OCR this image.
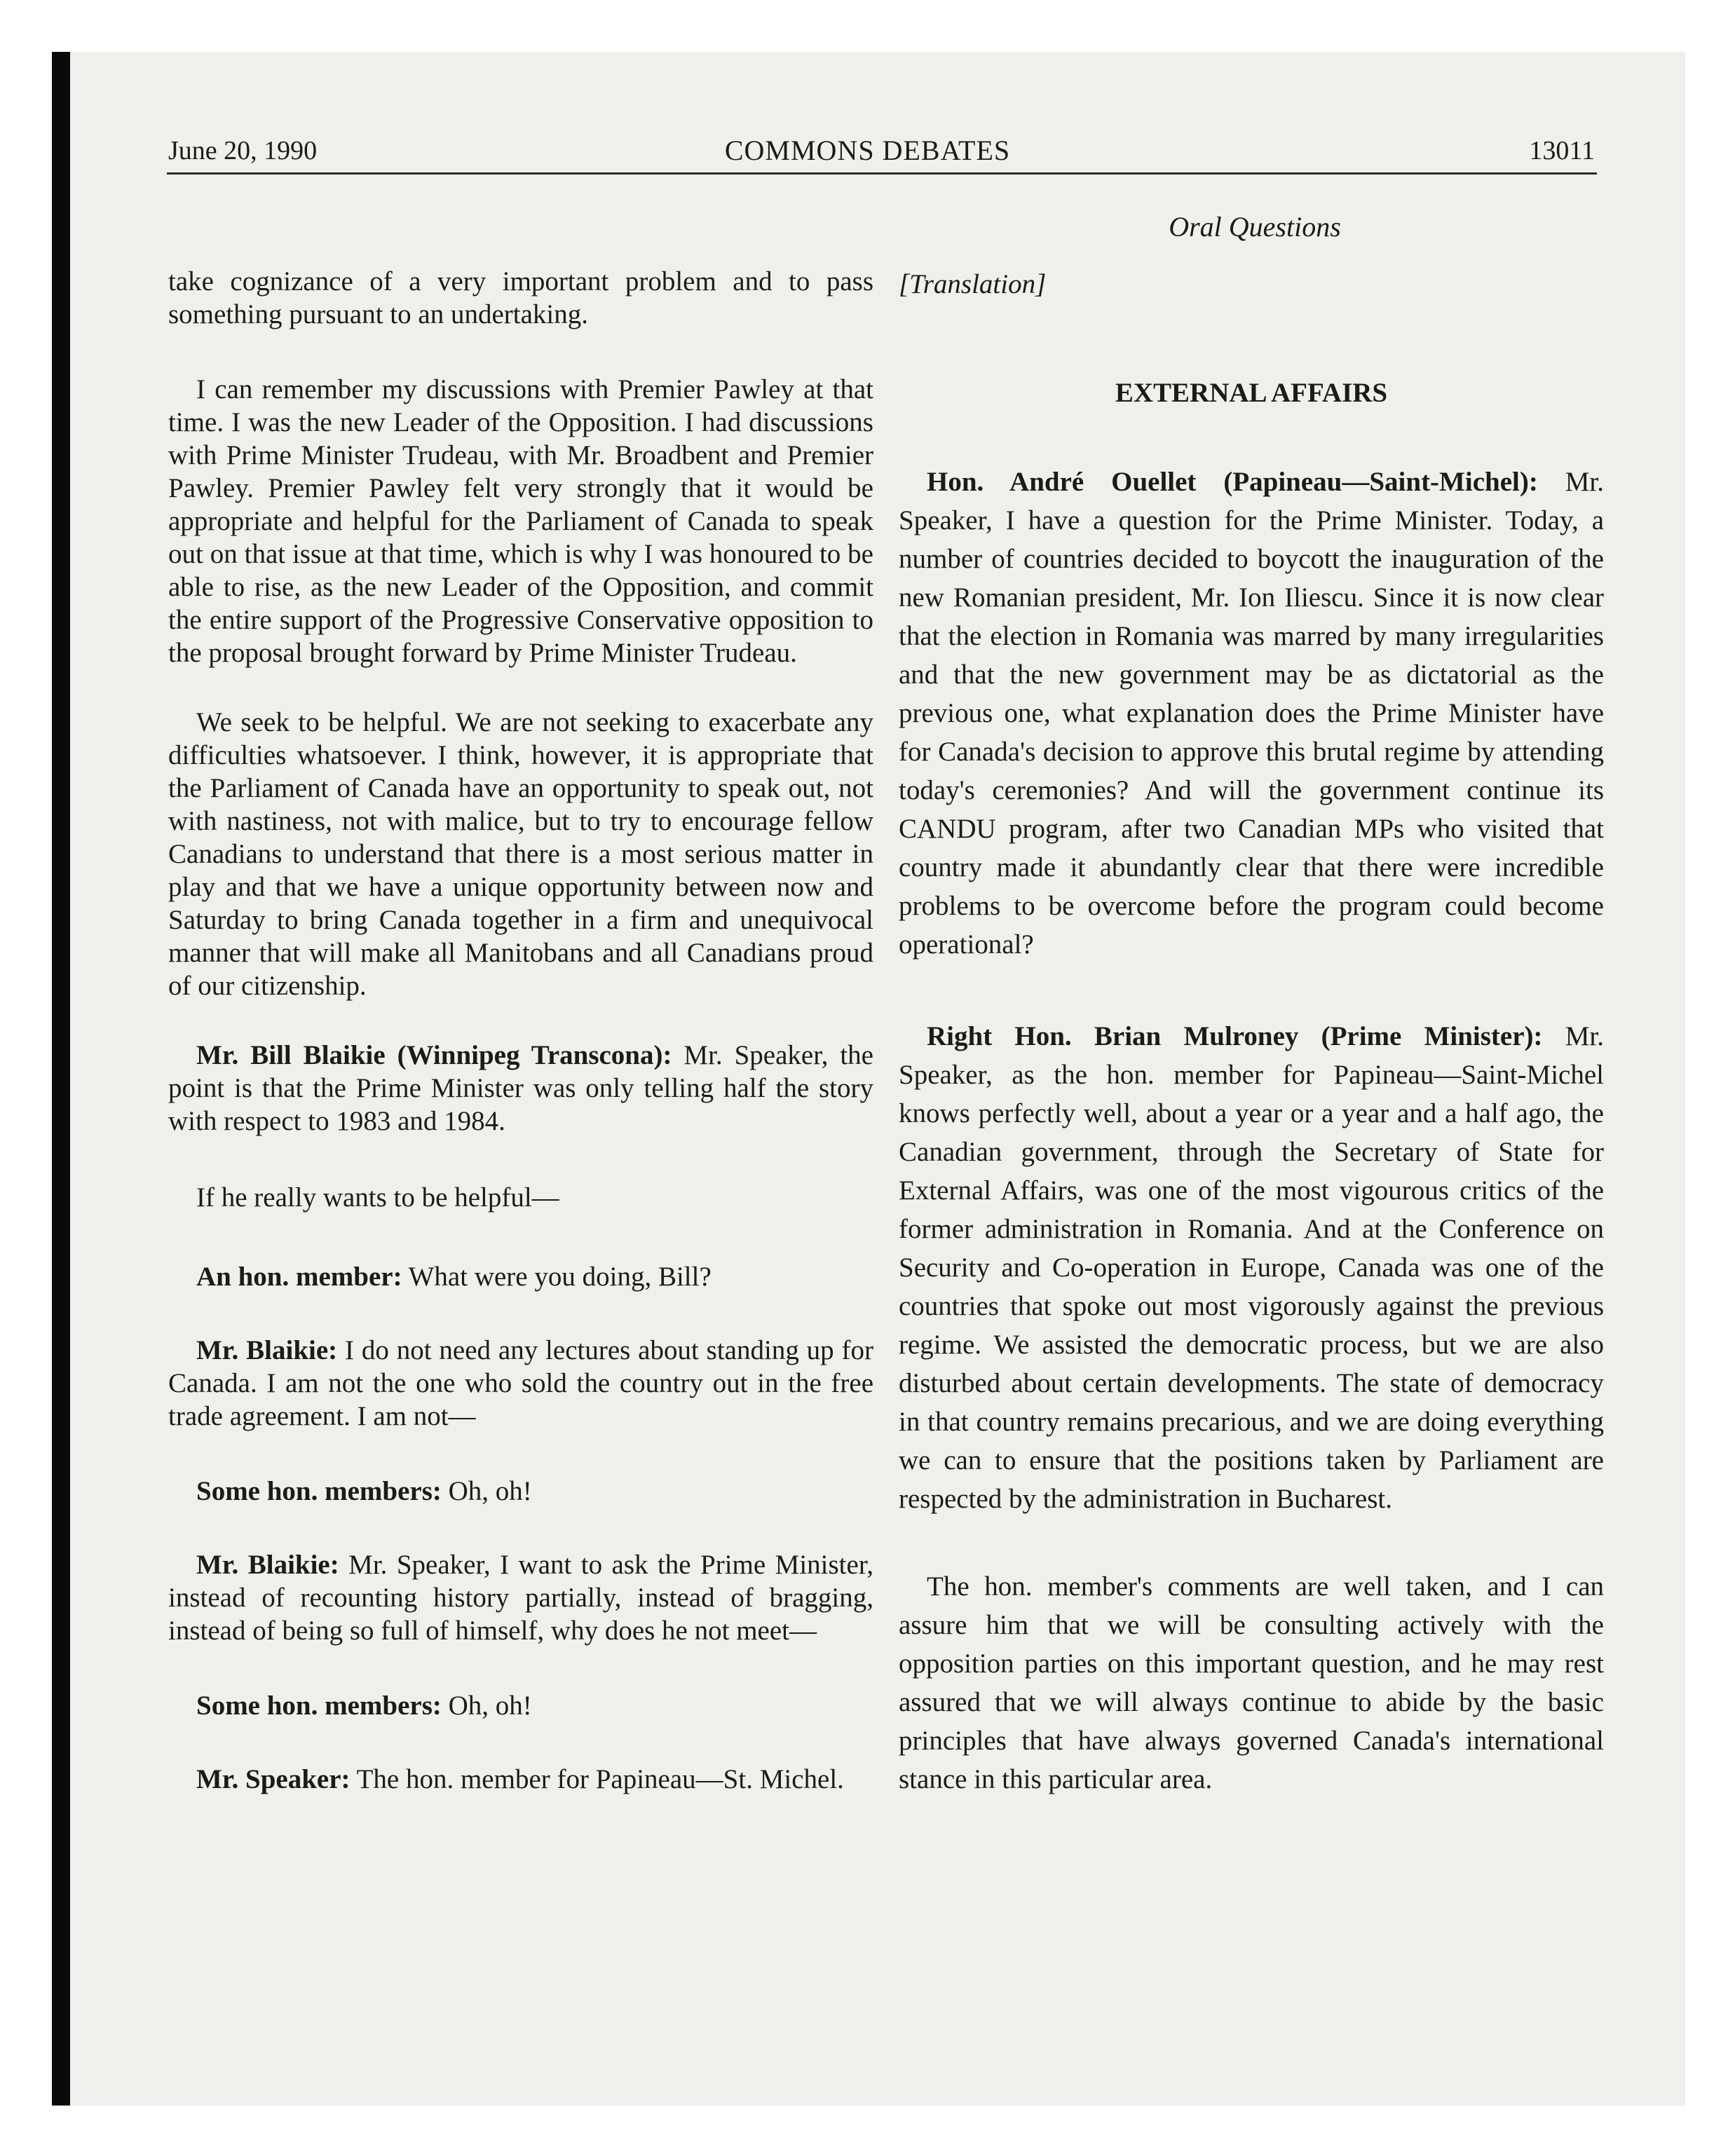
June 20, 1990	COMMONS DEBATES	13011
Oral Questions

take cognizance of a very important problem and to pass something pursuant to an undertaking.

I can remember my discussions with Premier Pawley at that time. I was the new Leader of the Opposition. I had discussions with Prime Minister Trudeau, with Mr. Broadbent and Premier Pawley. Premier Pawley felt very strongly that it would be appropriate and helpful for the Parliament of Canada to speak out on that issue at that time, which is why I was honoured to be able to rise, as the new Leader of the Opposition, and commit the entire support of the Progressive Conservative opposition to the proposal brought forward by Prime Minister Trudeau.

We seek to be helpful. We are not seeking to exacerbate any difficulties whatsoever. I think, however, it is appropriate that the Parliament of Canada have an opportunity to speak out, not with nastiness, not with malice, but to try to encourage fellow Canadians to understand that there is a most serious matter in play and that we have a unique opportunity between now and Saturday to bring Canada together in a firm and unequivocal manner that will make all Manitobans and all Canadians proud of our citizenship.

Mr. Bill Blaikie (Winnipeg Transcona): Mr. Speaker, the point is that the Prime Minister was only telling half the story with respect to 1983 and 1984.

If he really wants to be helpful—

An hon. member: What were you doing, Bill?

Mr. Blaikie: I do not need any lectures about standing up for Canada. I am not the one who sold the country out in the free trade agreement. I am not—

Some hon. members: Oh, oh!

Mr. Blaikie: Mr. Speaker, I want to ask the Prime Minister, instead of recounting history partially, instead of bragging, instead of being so full of himself, why does he not meet—

Some hon. members: Oh, oh!

Mr. Speaker: The hon. member for Papineau—St. Michel.

[Translation]

EXTERNAL AFFAIRS

Hon. André Ouellet (Papineau—Saint-Michel): Mr. Speaker, I have a question for the Prime Minister. Today, a number of countries decided to boycott the inauguration of the new Romanian president, Mr. Ion Iliescu. Since it is now clear that the election in Romania was marred by many irregularities and that the new government may be as dictatorial as the previous one, what explanation does the Prime Minister have for Canada's decision to approve this brutal regime by attending today's ceremonies? And will the government continue its CANDU program, after two Canadian MPs who visited that country made it abundantly clear that there were incredible problems to be overcome before the program could become operational?

Right Hon. Brian Mulroney (Prime Minister): Mr. Speaker, as the hon. member for Papineau—Saint-Michel knows perfectly well, about a year or a year and a half ago, the Canadian government, through the Secretary of State for External Affairs, was one of the most vigourous critics of the former administration in Romania. And at the Conference on Security and Co-operation in Europe, Canada was one of the countries that spoke out most vigorously against the previous regime. We assisted the democratic process, but we are also disturbed about certain developments. The state of democracy in that country remains precarious, and we are doing everything we can to ensure that the positions taken by Parliament are respected by the administration in Bucharest.

The hon. member's comments are well taken, and I can assure him that we will be consulting actively with the opposition parties on this important question, and he may rest assured that we will always continue to abide by the basic principles that have always governed Canada's international stance in this particular area.
